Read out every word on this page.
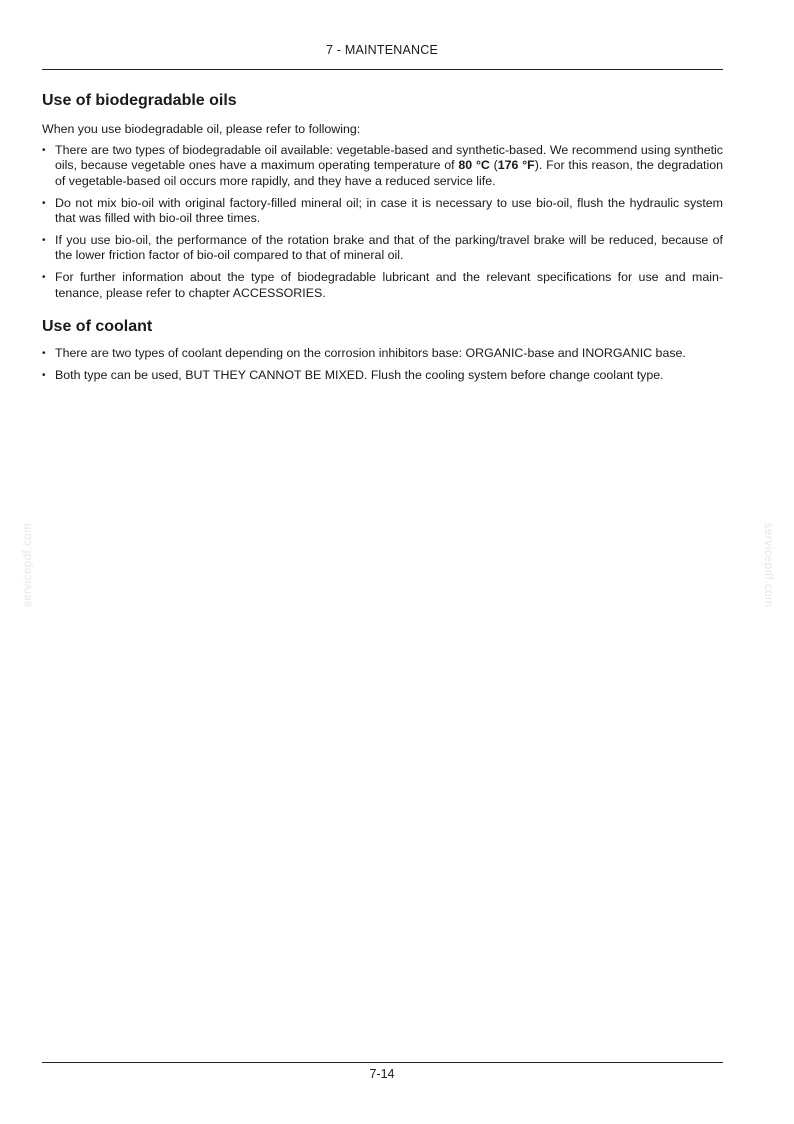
7 - MAINTENANCE
servicepdf.com	servicepdf.com
Use of biodegradable oils

When you use biodegradable oil, please refer to following:

• There are two types of biodegradable oil available: vegetable-based and synthetic-based. We recommend using synthetic oils, because vegetable ones have a maximum operating temperature of 80 °C (176 °F). For this reason, the degradation of vegetable-based oil occurs more rapidly, and they have a reduced service life.
• Do not mix bio-oil with original factory-filled mineral oil; in case it is necessary to use bio-oil, flush the hydraulic system that was filled with bio-oil three times.
• If you use bio-oil, the performance of the rotation brake and that of the parking/travel brake will be reduced, because of the lower friction factor of bio-oil compared to that of mineral oil.
• For further information about the type of biodegradable lubricant and the relevant specifications for use and main-tenance, please refer to chapter ACCESSORIES.
Use of coolant
• There are two types of coolant depending on the corrosion inhibitors base: ORGANIC-base and INORGANIC base.
• Both type can be used, BUT THEY CANNOT BE MIXED. Flush the cooling system before change coolant type.
7-14
